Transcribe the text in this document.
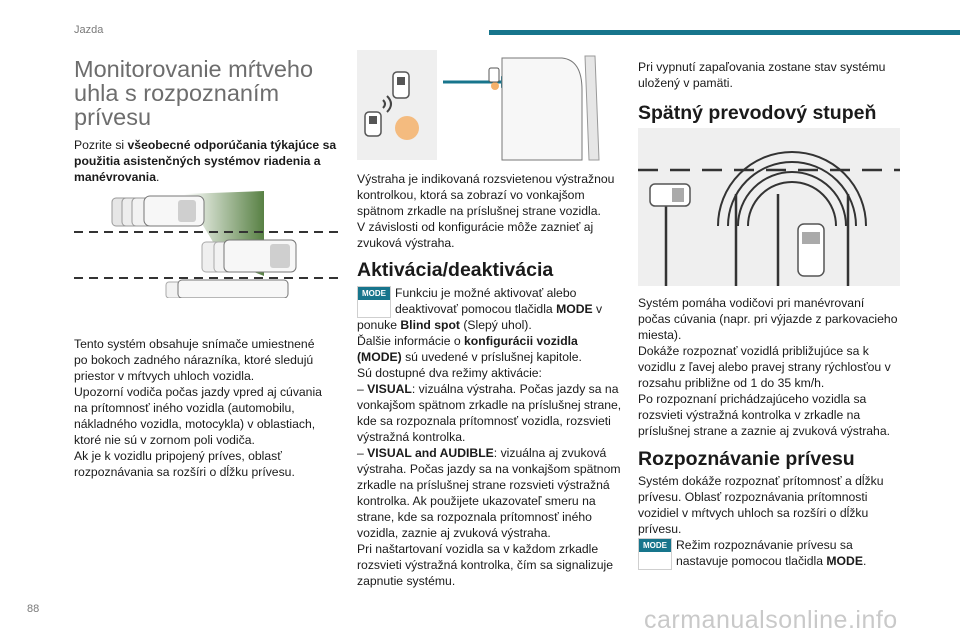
Jazda
Monitorovanie mŕtveho
uhla s rozpoznaním
prívesu

Pozrite si všeobecné odporúčania týkajúce sa

použitia asistenčných systémov riadenia a

manévrovania.

Tento systém obsahuje snímače umiestnené

po bokoch zadného nárazníka, ktoré sledujú

priestor v mŕtvych uhloch vozidla.

Upozorní vodiča počas jazdy vpred aj cúvania

na prítomnosť iného vozidla (automobilu,

nákladného vozidla, motocykla) v oblastiach,

ktoré nie sú v zornom poli vodiča.

Ak je k vozidlu pripojený príves, oblasť

rozpoznávania sa rozšíri o dĺžku prívesu.

Výstraha je indikovaná rozsvietenou výstražnou

kontrolkou, ktorá sa zobrazí vo vonkajšom

spätnom zrkadle na príslušnej strane vozidla.

V závislosti od konfigurácie môže zaznieť aj

zvuková výstraha.

Aktivácia/deaktivácia
MODE Funkciu je možné aktivovať alebo

deaktivovať pomocou tlačidla MODE v

ponuke Blind spot (Slepý uhol).

Ďalšie informácie o konfigurácii vozidla

(MODE) sú uvedené v príslušnej kapitole.

Sú dostupné dva režimy aktivácie:

– VISUAL: vizuálna výstraha. Počas jazdy sa na

vonkajšom spätnom zrkadle na príslušnej strane,

kde sa rozpoznala prítomnosť vozidla, rozsvieti

výstražná kontrolka.

– VISUAL and AUDIBLE: vizuálna aj zvuková

výstraha. Počas jazdy sa na vonkajšom spätnom

zrkadle na príslušnej strane rozsvieti výstražná

kontrolka. Ak použijete ukazovateľ smeru na

strane, kde sa rozpoznala prítomnosť iného

vozidla, zaznie aj zvuková výstraha.

Pri naštartovaní vozidla sa v každom zrkadle

rozsvieti výstražná kontrolka, čím sa signalizuje

zapnutie systému.

Pri vypnutí zapaľovania zostane stav systému

uložený v pamäti.

Spätný prevodový stupeň

Systém pomáha vodičovi pri manévrovaní

počas cúvania (napr. pri výjazde z parkovacieho

miesta).

Dokáže rozpoznať vozidlá približujúce sa k

vozidlu z ľavej alebo pravej strany rýchlosťou v

rozsahu približne od 1 do 35 km/h.

Po rozpoznaní prichádzajúceho vozidla sa

rozsvieti výstražná kontrolka v zrkadle na

príslušnej strane a zaznie aj zvuková výstraha.

Rozpoznávanie prívesu

Systém dokáže rozpoznať prítomnosť a dĺžku

prívesu. Oblasť rozpoznávania prítomnosti

vozidiel v mŕtvych uhloch sa rozšíri o dĺžku

prívesu.

MODE Režim rozpoznávanie prívesu sa

nastavuje pomocou tlačidla MODE.

88	carmanualsonline.info
